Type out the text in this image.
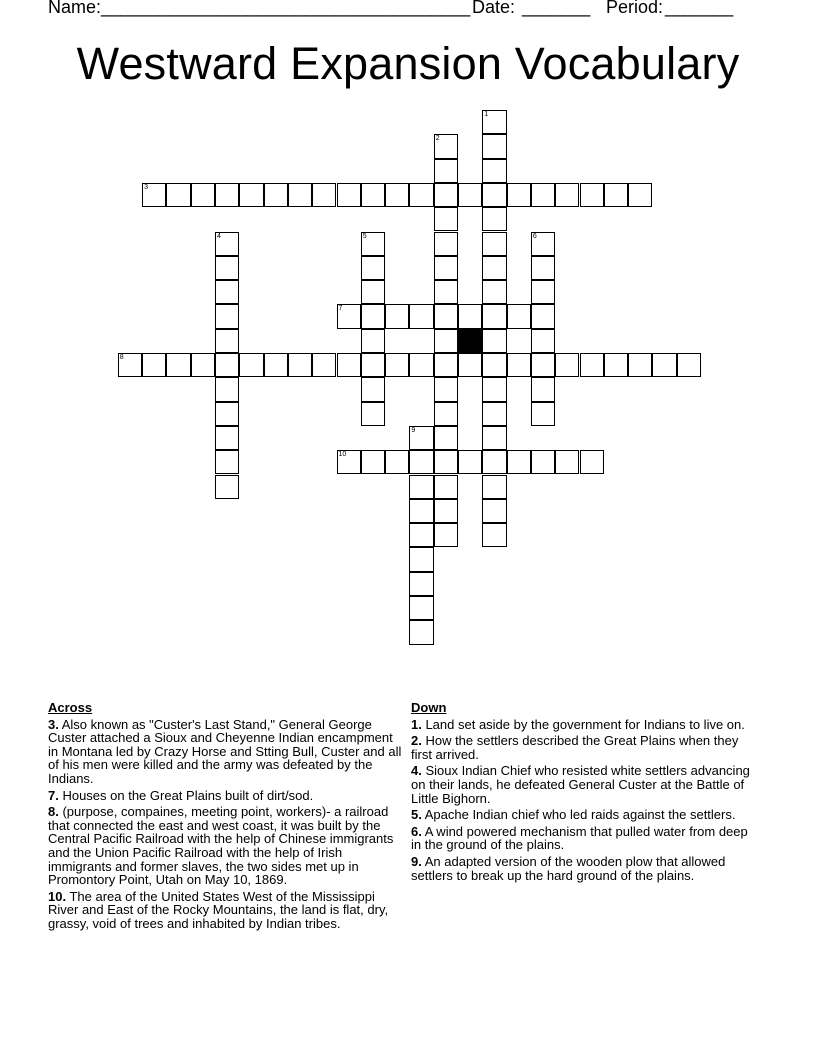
Name:

______________________________________

Date:

_______

Period:

_______

Westward Expansion Vocabulary
1
2
3
4	5	6
7
8
9
10
Across
3. Also known as "Custer's Last Stand," General George Custer attached a Sioux and Cheyenne Indian encampment in Montana led by Crazy Horse and Stting Bull, Custer and all of his men were killed and the army was defeated by the Indians.
7. Houses on the Great Plains built of dirt/sod.
8. (purpose, compaines, meeting point, workers)- a railroad that connected the east and west coast, it was built by the Central Pacific Railroad with the help of Chinese immigrants and the Union Pacific Railroad with the help of Irish immigrants and former slaves, the two sides met up in Promontory Point, Utah on May 10, 1869.
10. The area of the United States West of the Mississippi River and East of the Rocky Mountains, the land is flat, dry, grassy, void of trees and inhabited by Indian tribes.
Down
1. Land set aside by the government for Indians to live on.
2. How the settlers described the Great Plains when they first arrived.
4. Sioux Indian Chief who resisted white settlers advancing on their lands, he defeated General Custer at the Battle of Little Bighorn.
5. Apache Indian chief who led raids against the settlers.
6. A wind powered mechanism that pulled water from deep in the ground of the plains.
9. An adapted version of the wooden plow that allowed settlers to break up the hard ground of the plains.
